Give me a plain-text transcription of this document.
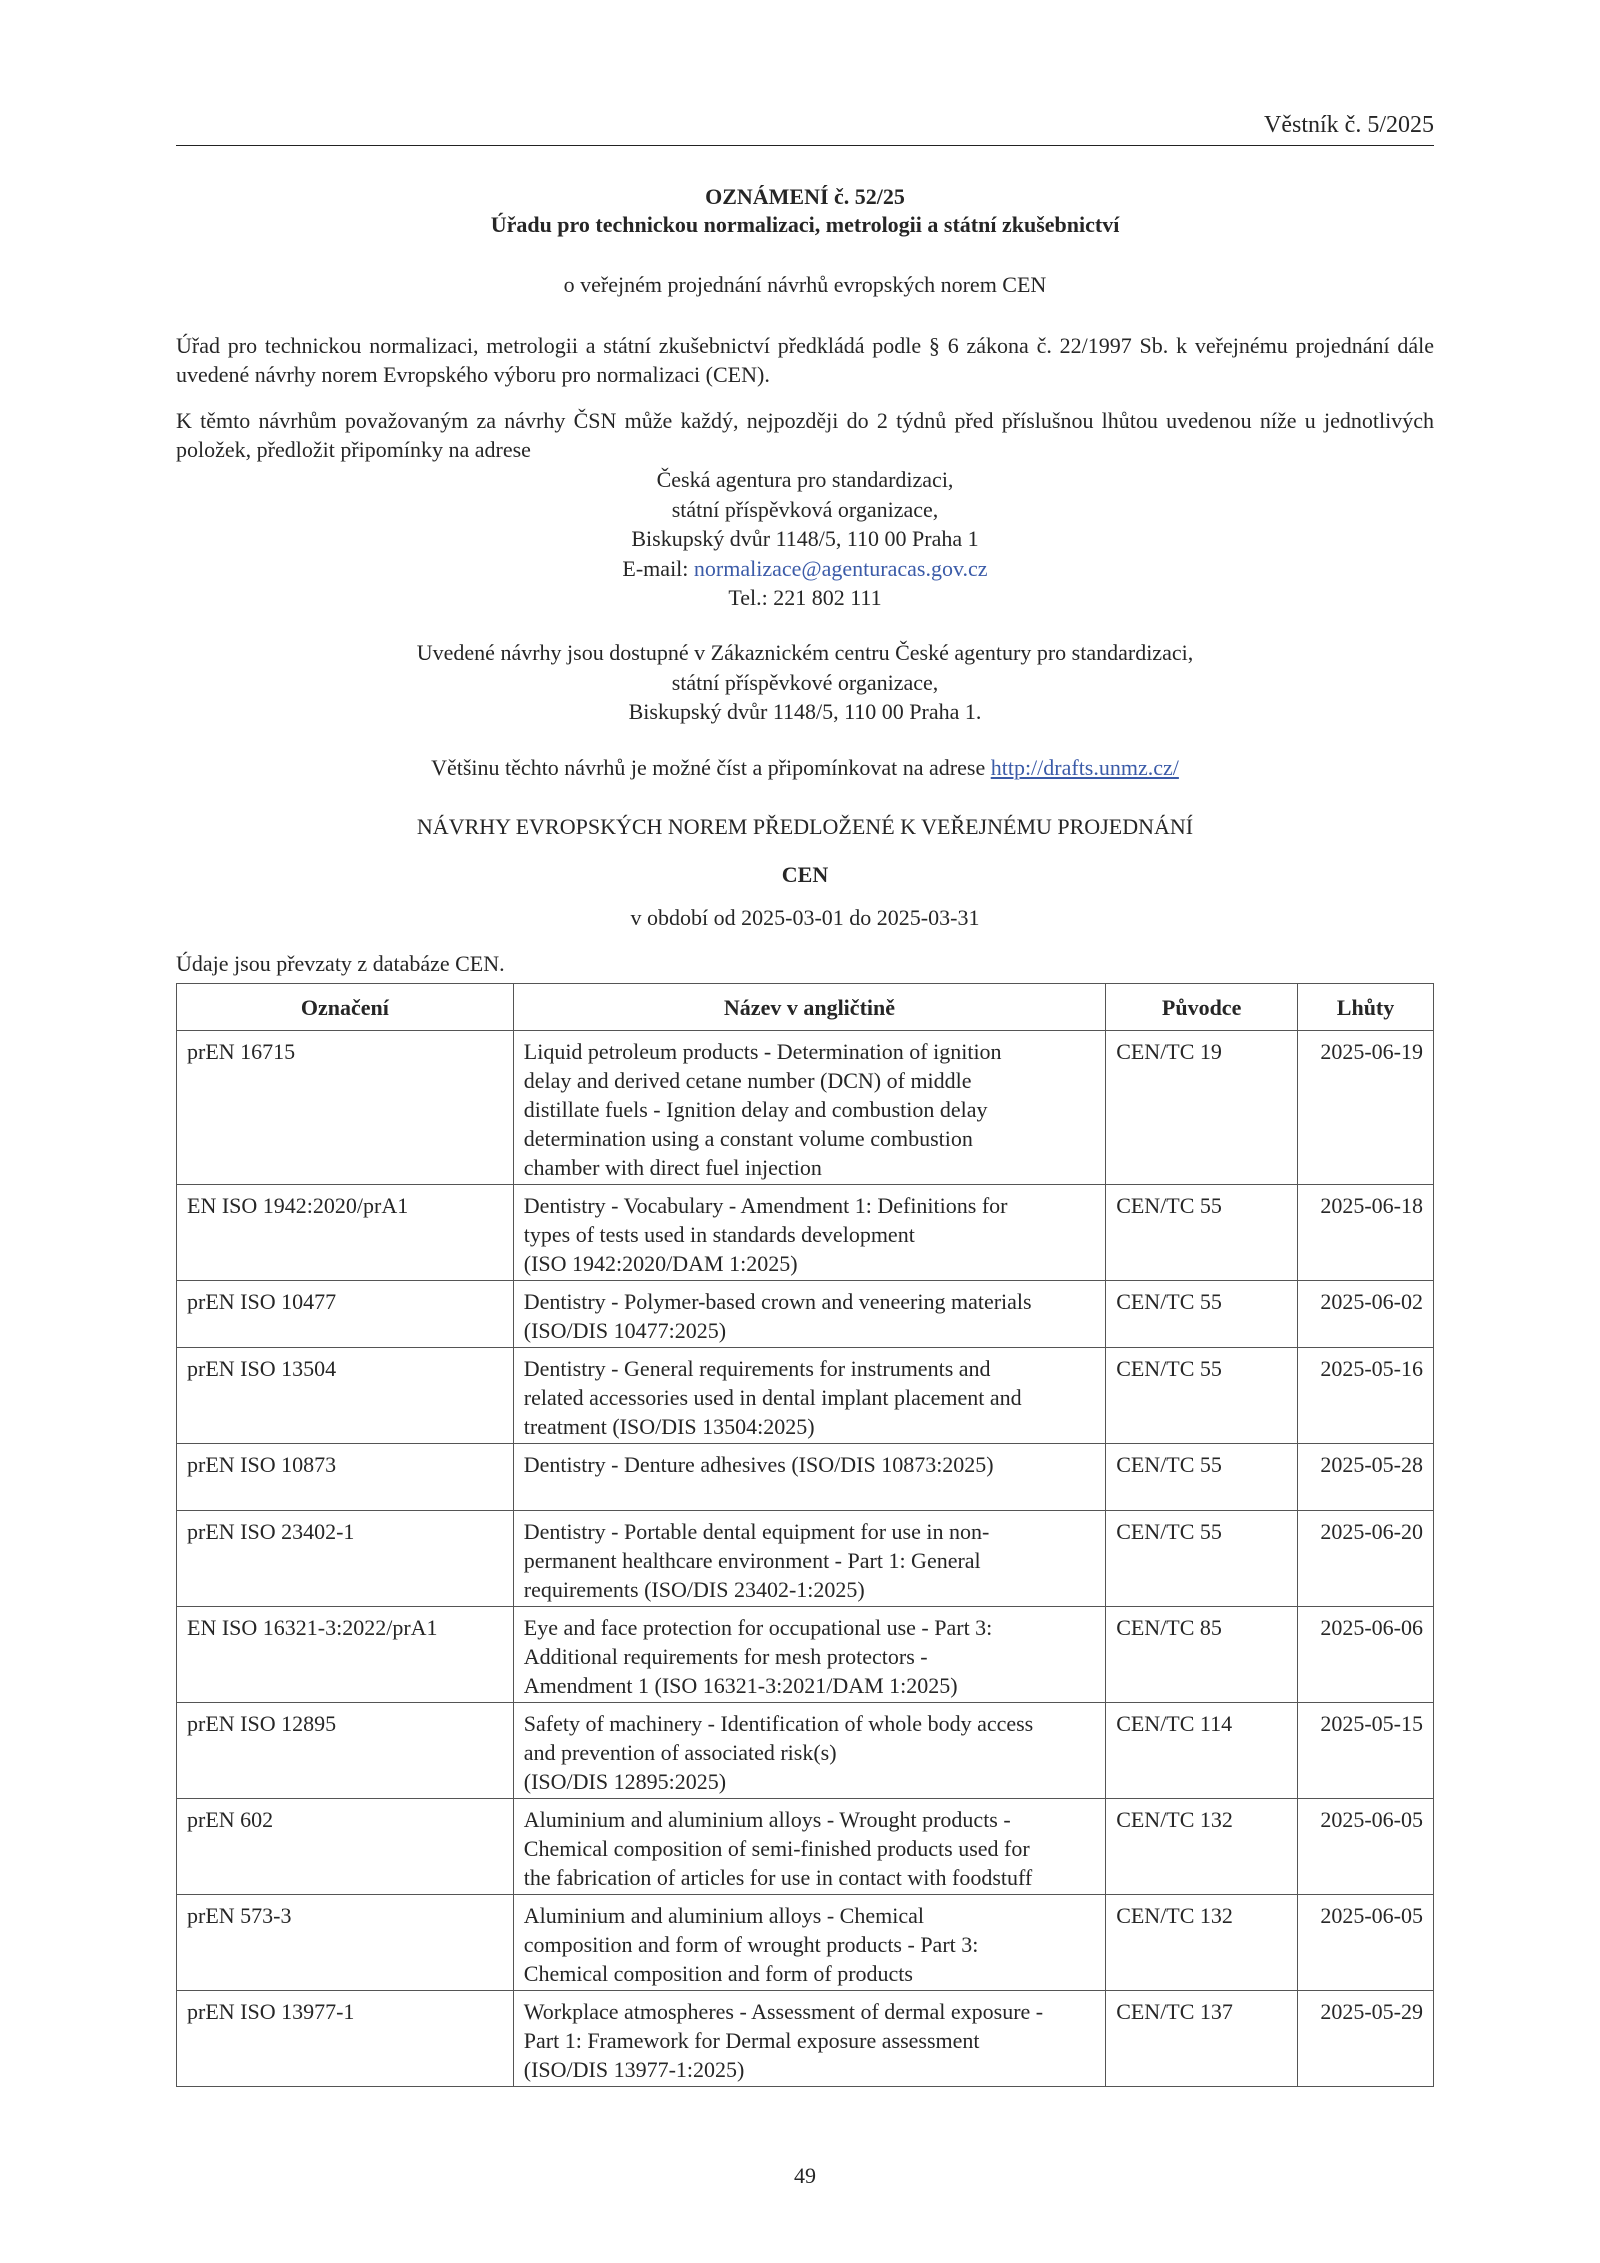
Věstník č. 5/2025
OZNÁMENÍ č. 52/25
Úřadu pro technickou normalizaci, metrologii a státní zkušebnictví
o veřejném projednání návrhů evropských norem CEN
Úřad pro technickou normalizaci, metrologii a státní zkušebnictví předkládá podle § 6 zákona č. 22/1997 Sb. k veřejnému projednání dále uvedené návrhy norem Evropského výboru pro normalizaci (CEN).
K těmto návrhům považovaným za návrhy ČSN může každý, nejpozději do 2 týdnů před příslušnou lhůtou uvedenou níže u jednotlivých položek, předložit připomínky na adrese
Česká agentura pro standardizaci,
státní příspěvková organizace,
Biskupský dvůr 1148/5, 110 00 Praha 1
E-mail: normalizace@agenturacas.gov.cz
Tel.: 221 802 111
Uvedené návrhy jsou dostupné v Zákaznickém centru České agentury pro standardizaci,
státní příspěvkové organizace,
Biskupský dvůr 1148/5, 110 00 Praha 1.
Většinu těchto návrhů je možné číst a připomínkovat na adrese http://drafts.unmz.cz/
NÁVRHY EVROPSKÝCH NOREM PŘEDLOŽENÉ K VEŘEJNÉMU PROJEDNÁNÍ
CEN
v období od 2025-03-01 do 2025-03-31
Údaje jsou převzaty z databáze CEN.
Označení	Název v angličtině	Původce	Lhůty
prEN 16715	Liquid petroleum products - Determination of ignition
delay and derived cetane number (DCN) of middle
distillate fuels - Ignition delay and combustion delay
determination using a constant volume combustion
chamber with direct fuel injection	CEN/TC 19	2025-06-19
EN ISO 1942:2020/prA1	Dentistry - Vocabulary - Amendment 1: Definitions for
types of tests used in standards development
(ISO 1942:2020/DAM 1:2025)	CEN/TC 55	2025-06-18
prEN ISO 10477	Dentistry - Polymer-based crown and veneering materials
(ISO/DIS 10477:2025)	CEN/TC 55	2025-06-02
prEN ISO 13504	Dentistry - General requirements for instruments and
related accessories used in dental implant placement and
treatment (ISO/DIS 13504:2025)	CEN/TC 55	2025-05-16
prEN ISO 10873	Dentistry - Denture adhesives (ISO/DIS 10873:2025)	CEN/TC 55	2025-05-28
prEN ISO 23402-1	Dentistry - Portable dental equipment for use in non-
permanent healthcare environment - Part 1: General
requirements (ISO/DIS 23402-1:2025)	CEN/TC 55	2025-06-20
EN ISO 16321-3:2022/prA1	Eye and face protection for occupational use - Part 3:
Additional requirements for mesh protectors -
Amendment 1 (ISO 16321-3:2021/DAM 1:2025)	CEN/TC 85	2025-06-06
prEN ISO 12895	Safety of machinery - Identification of whole body access
and prevention of associated risk(s)
(ISO/DIS 12895:2025)	CEN/TC 114	2025-05-15
prEN 602	Aluminium and aluminium alloys - Wrought products -
Chemical composition of semi-finished products used for
the fabrication of articles for use in contact with foodstuff	CEN/TC 132	2025-06-05
prEN 573-3	Aluminium and aluminium alloys - Chemical
composition and form of wrought products - Part 3:
Chemical composition and form of products	CEN/TC 132	2025-06-05
prEN ISO 13977-1	Workplace atmospheres - Assessment of dermal exposure -
Part 1: Framework for Dermal exposure assessment
(ISO/DIS 13977-1:2025)	CEN/TC 137	2025-05-29
49
